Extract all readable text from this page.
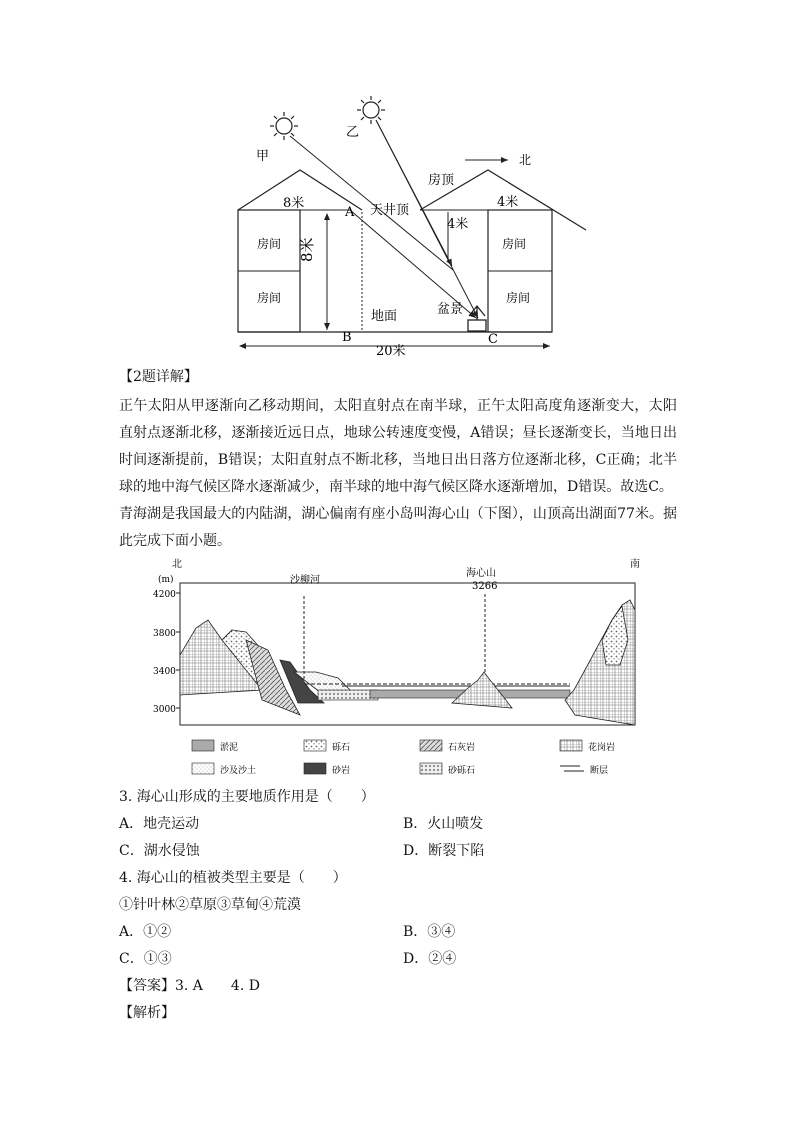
甲
乙
北
房顶
天井顶
8米	4米
4米
8米
房间
房间
房间
房间
地面	盆景
A
B	C
20米
【2题详解】
正午太阳从甲逐渐向乙移动期间，太阳直射点在南半球，正午太阳高度角逐渐变大，太阳直射点逐渐北移，逐渐接近远日点，地球公转速度变慢，A错误；昼长逐渐变长，当地日出时间逐渐提前，B错误；太阳直射点不断北移，当地日出日落方位逐渐北移，C正确；北半球的地中海气候区降水逐渐减少，南半球的地中海气候区降水逐渐增加，D错误。故选C。
青海湖是我国最大的内陆湖，湖心偏南有座小岛叫海心山（下图），山顶高出湖面77米。据此完成下面小题。
北	南
(m)
4200
3800
3400
3000
沙柳河
海心山
3266
淤泥	砾石	石灰岩	花岗岩
沙及沙土	砂岩	砂砾石	断层
3. 海心山形成的主要地质作用是（　　）
A．地壳运动	B．火山喷发
C．湖水侵蚀	D．断裂下陷
4. 海心山的植被类型主要是（　　）
①针叶林②草原③草甸④荒漠
A．①②	B．③④
C．①③	D．②④
【答案】3. A 4. D
【解析】
